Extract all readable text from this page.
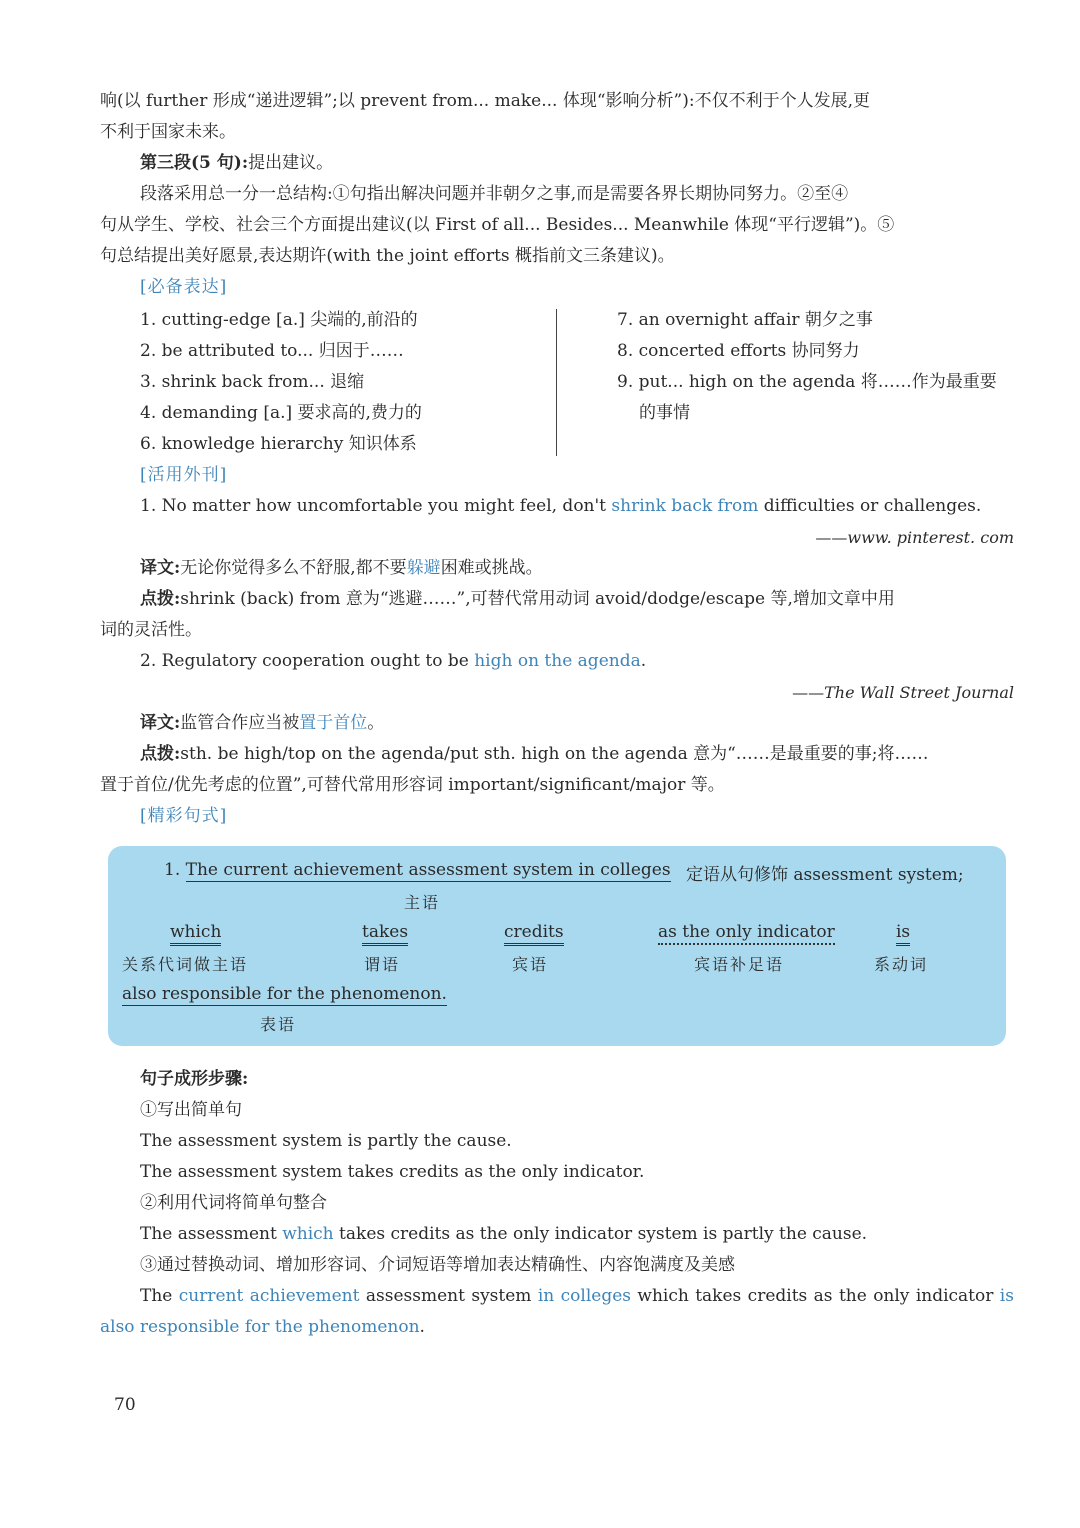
响(以 further 形成“递进逻辑”;以 prevent from... make... 体现“影响分析”):不仅不利于个人发展,更

不利于国家未来。

第三段(5 句):提出建议。

段落采用总一分一总结构:①句指出解决问题并非朝夕之事,而是需要各界长期协同努力。②至④

句从学生、学校、社会三个方面提出建议(以 First of all... Besides... Meanwhile 体现“平行逻辑”)。⑤

句总结提出美好愿景,表达期许(with the joint efforts 概指前文三条建议)。

[必备表达]
1. cutting-edge [a.] 尖端的,前沿的
2. be attributed to... 归因于……
3. shrink back from... 退缩
4. demanding [a.] 要求高的,费力的
6. knowledge hierarchy 知识体系
7. an overnight affair 朝夕之事
8. concerted efforts 协同努力
9. put... high on the agenda 将……作为最重要的事情
[活用外刊]

1. No matter how uncomfortable you might feel, don't shrink back from difficulties or challenges.

——www. pinterest. com

译文:无论你觉得多么不舒服,都不要躲避困难或挑战。

点拨:shrink (back) from 意为“逃避……”,可替代常用动词 avoid/dodge/escape 等,增加文章中用

词的灵活性。

2. Regulatory cooperation ought to be high on the agenda.

——The Wall Street Journal

译文:监管合作应当被置于首位。

点拨:sth. be high/top on the agenda/put sth. high on the agenda 意为“……是最重要的事;将……

置于首位/优先考虑的位置”,可替代常用形容词 important/significant/major 等。

[精彩句式]
1. The current achievement assessment system in colleges 定语从句修饰 assessment system;
主语
which	takes	credits	as the only indicator	is
关系代词做主语	谓语	宾语	宾语补足语	系动词
also responsible for the phenomenon.
表语

句子成形步骤:

①写出简单句

The assessment system is partly the cause.

The assessment system takes credits as the only indicator.

②利用代词将简单句整合

The assessment which takes credits as the only indicator system is partly the cause.

③通过替换动词、增加形容词、介词短语等增加表达精确性、内容饱满度及美感

The current achievement assessment system in colleges which takes credits as the only indicator is also responsible for the phenomenon.

70
